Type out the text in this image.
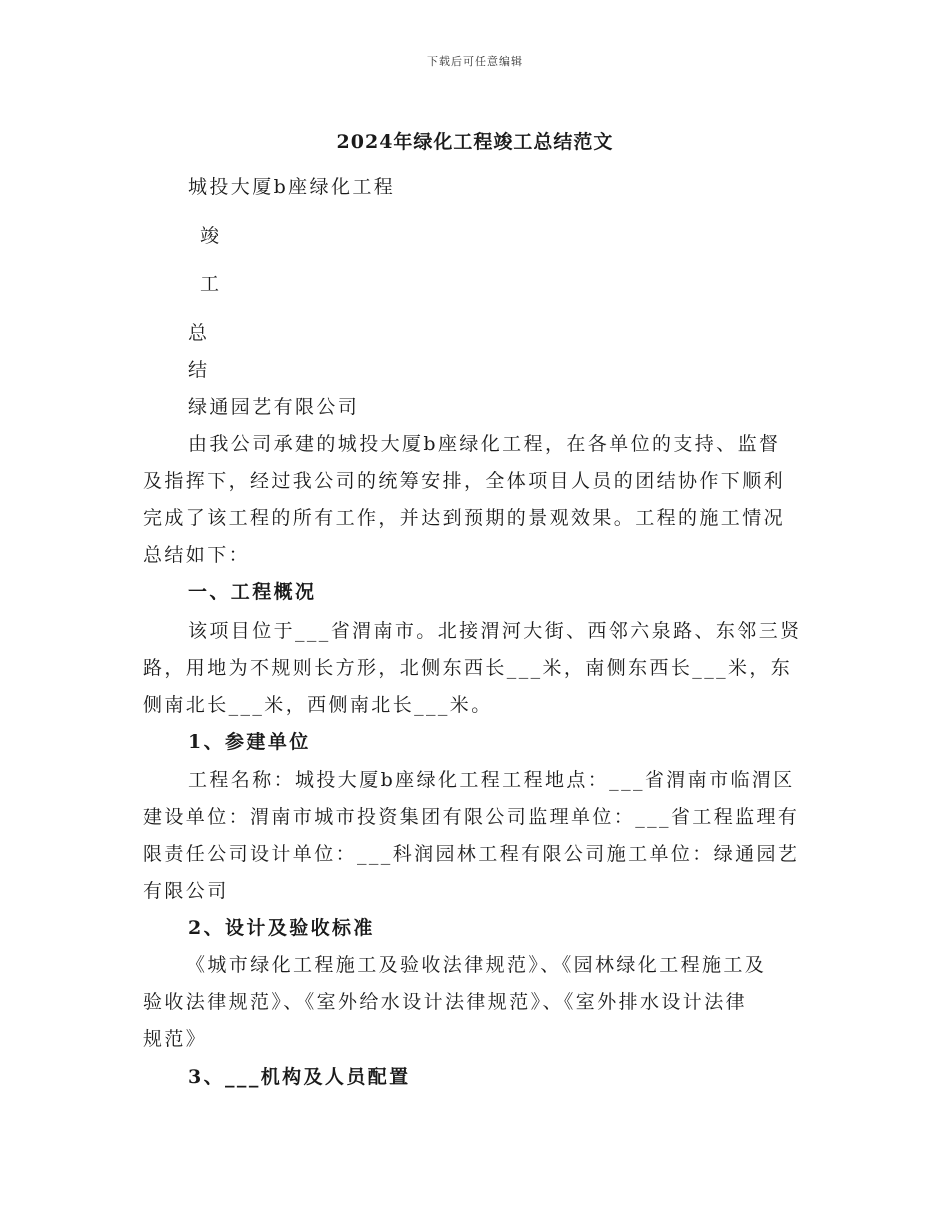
下载后可任意编辑
2024年绿化工程竣工总结范文
城投大厦b座绿化工程
竣
工
总
结
绿通园艺有限公司
由我公司承建的城投大厦b座绿化工程，在各单位的支持、监督
及指挥下，经过我公司的统筹安排，全体项目人员的团结协作下顺利
完成了该工程的所有工作，并达到预期的景观效果。工程的施工情况
总结如下：
一、工程概况
该项目位于___省渭南市。北接渭河大街、西邻六泉路、东邻三贤
路，用地为不规则长方形，北侧东西长___米，南侧东西长___米，东
侧南北长___米，西侧南北长___米。
1、参建单位
工程名称：城投大厦b座绿化工程工程地点：___省渭南市临渭区
建设单位：渭南市城市投资集团有限公司监理单位：___省工程监理有
限责任公司设计单位：___科润园林工程有限公司施工单位：绿通园艺
有限公司
2、设计及验收标准
《城市绿化工程施工及验收法律规范》、《园林绿化工程施工及
验收法律规范》、《室外给水设计法律规范》、《室外排水设计法律
规范》
3、___机构及人员配置
